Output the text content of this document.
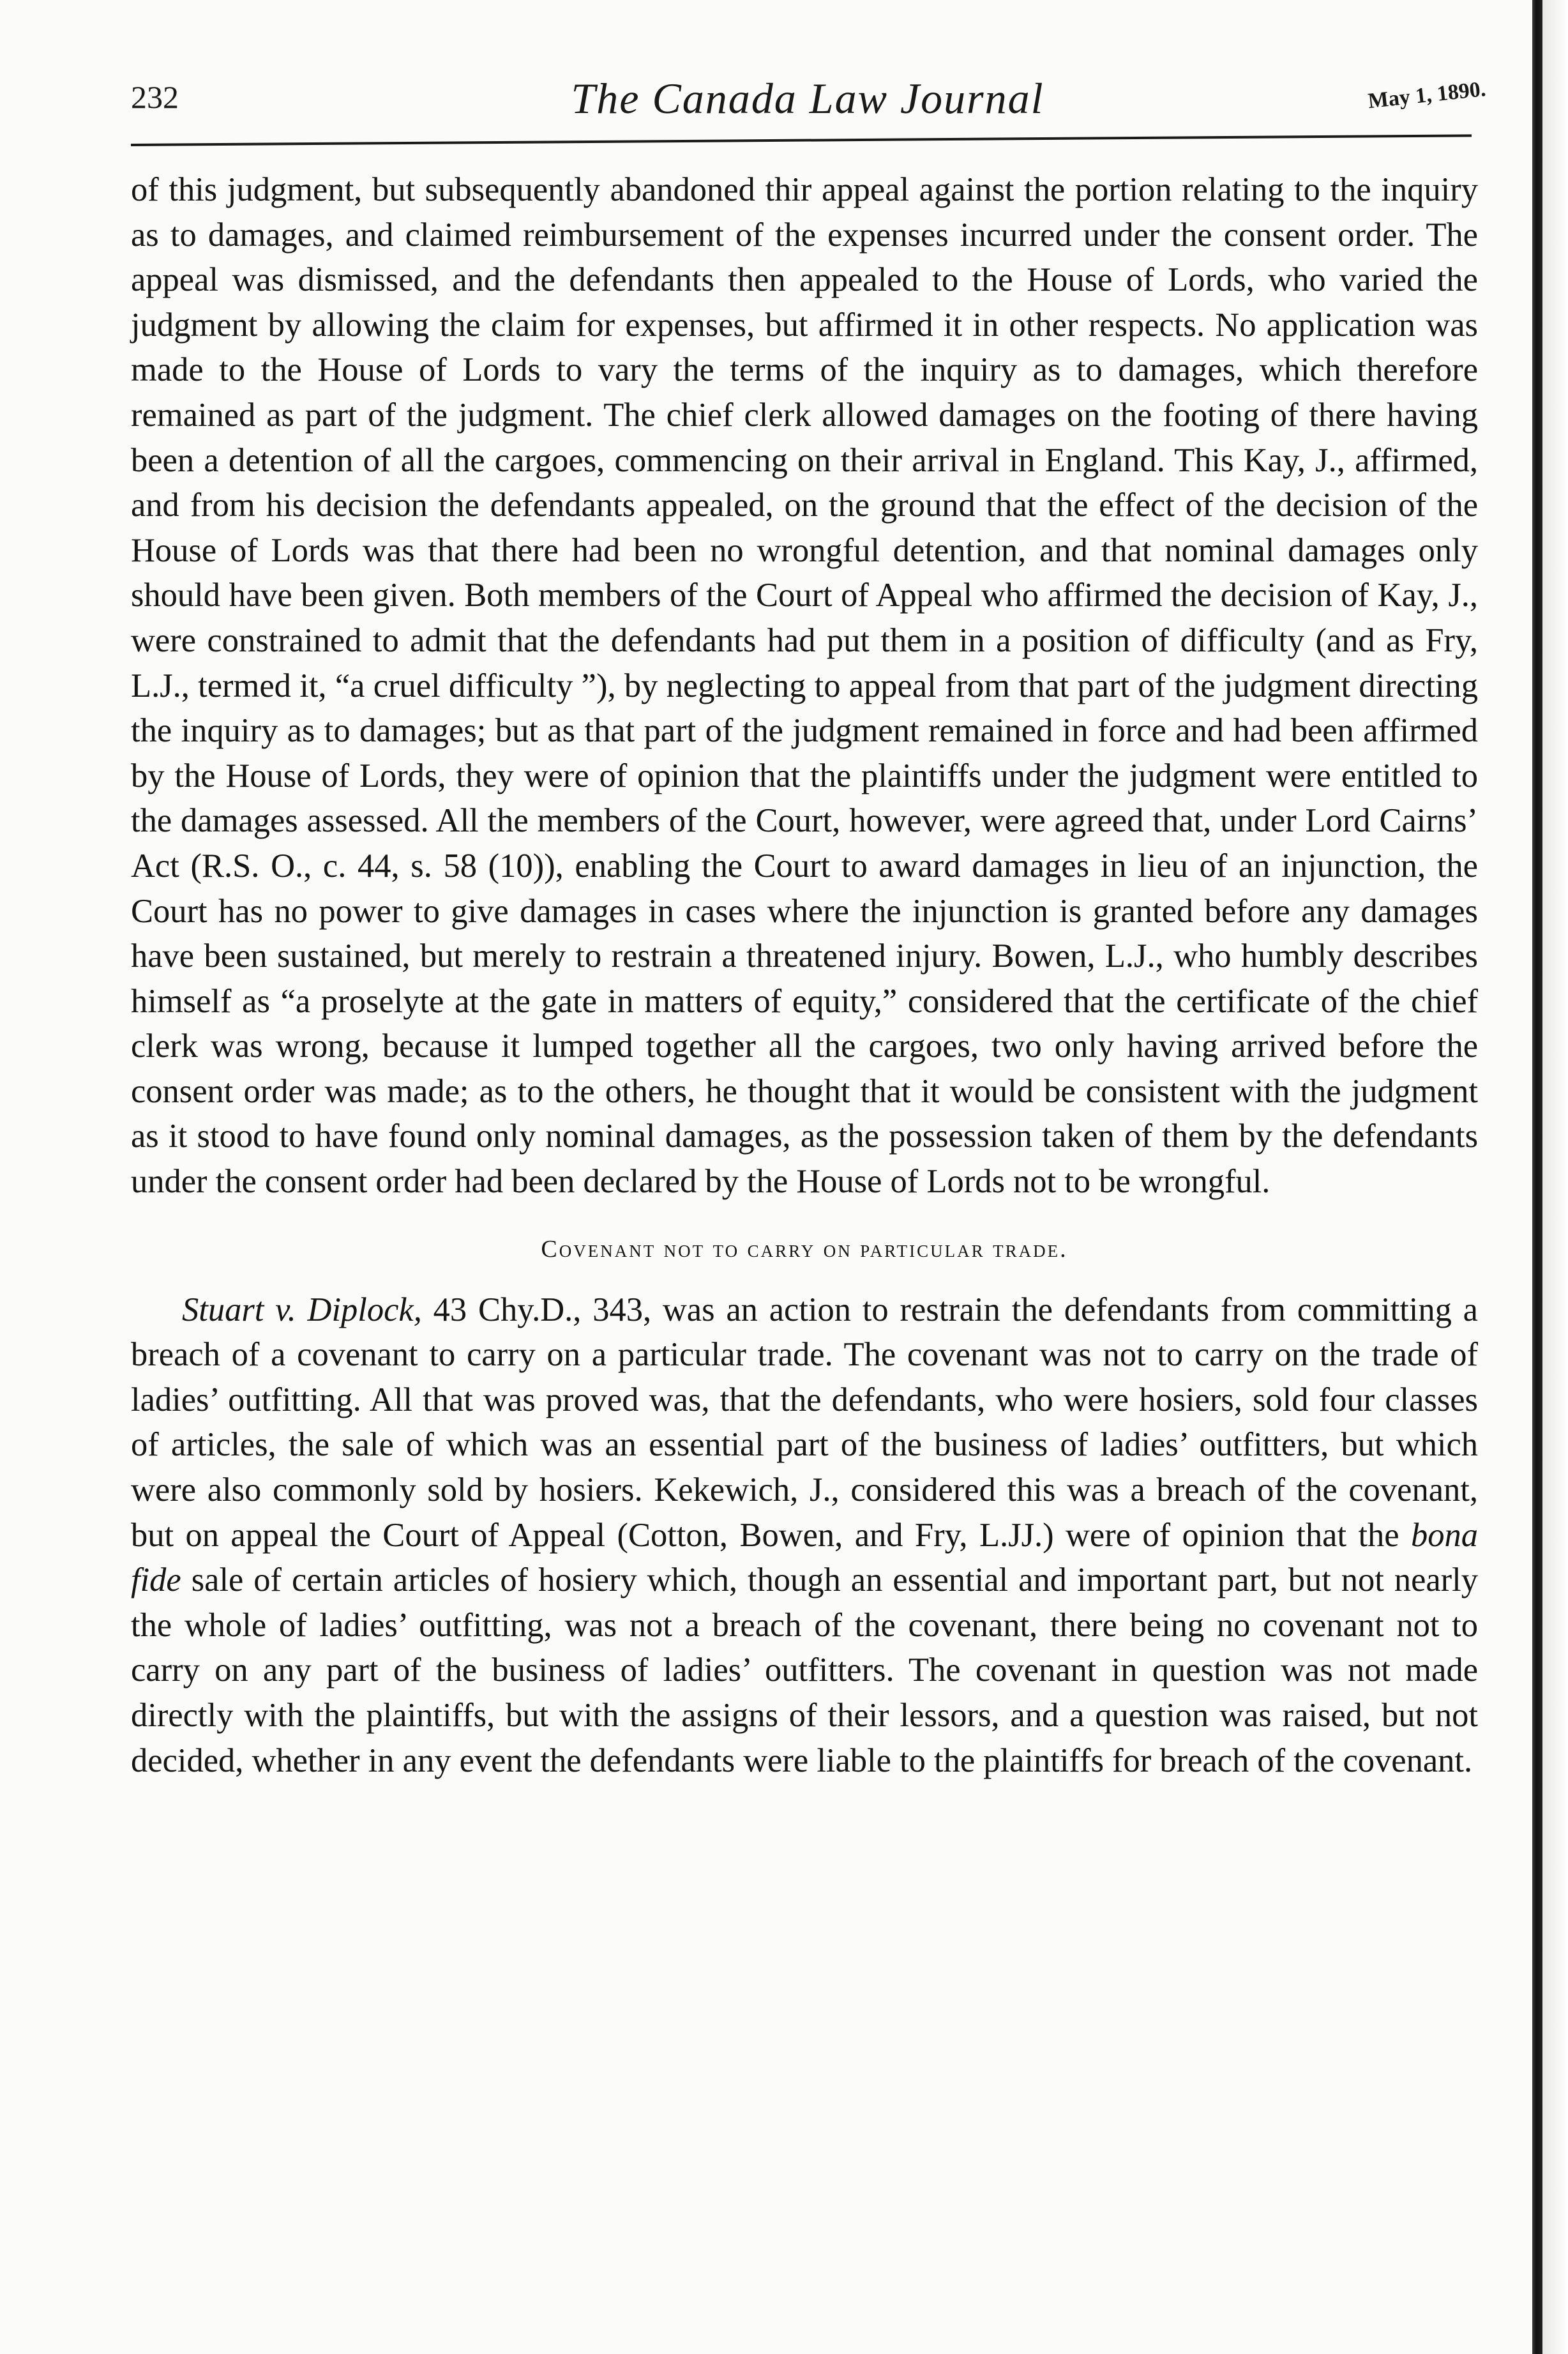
232	The Canada Law Journal	May 1, 1890.

of this judgment, but subsequently abandoned thir appeal against the portion relating to the inquiry as to damages, and claimed reimbursement of the expenses incurred under the consent order. The appeal was dismissed, and the defendants then appealed to the House of Lords, who varied the judgment by allowing the claim for expenses, but affirmed it in other respects. No application was made to the House of Lords to vary the terms of the inquiry as to damages, which therefore remained as part of the judgment. The chief clerk allowed damages on the footing of there having been a detention of all the cargoes, commencing on their arrival in England. This Kay, J., affirmed, and from his decision the defendants appealed, on the ground that the effect of the decision of the House of Lords was that there had been no wrongful detention, and that nominal damages only should have been given. Both members of the Court of Appeal who affirmed the decision of Kay, J., were constrained to admit that the defendants had put them in a position of difficulty (and as Fry, L.J., termed it, “a cruel difficulty ”), by neglecting to appeal from that part of the judgment directing the inquiry as to damages; but as that part of the judgment remained in force and had been affirmed by the House of Lords, they were of opinion that the plaintiffs under the judgment were entitled to the damages assessed. All the members of the Court, however, were agreed that, under Lord Cairns’ Act (R.S. O., c. 44, s. 58 (10)), enabling the Court to award damages in lieu of an injunction, the Court has no power to give damages in cases where the injunction is granted before any damages have been sustained, but merely to restrain a threatened injury. Bowen, L.J., who humbly describes himself as “a proselyte at the gate in matters of equity,” considered that the certificate of the chief clerk was wrong, because it lumped together all the cargoes, two only having arrived before the consent order was made; as to the others, he thought that it would be consistent with the judgment as it stood to have found only nominal damages, as the possession taken of them by the defendants under the consent order had been declared by the House of Lords not to be wrongful.

Covenant not to carry on particular trade.

Stuart v. Diplock, 43 Chy.D., 343, was an action to restrain the defendants from committing a breach of a covenant to carry on a particular trade. The covenant was not to carry on the trade of ladies’ outfitting. All that was proved was, that the defendants, who were hosiers, sold four classes of articles, the sale of which was an essential part of the business of ladies’ outfitters, but which were also commonly sold by hosiers. Kekewich, J., considered this was a breach of the covenant, but on appeal the Court of Appeal (Cotton, Bowen, and Fry, L.JJ.) were of opinion that the bona fide sale of certain articles of hosiery which, though an essential and important part, but not nearly the whole of ladies’ outfitting, was not a breach of the covenant, there being no covenant not to carry on any part of the business of ladies’ outfitters. The covenant in question was not made directly with the plaintiffs, but with the assigns of their lessors, and a question was raised, but not decided, whether in any event the defendants were liable to the plaintiffs for breach of the covenant.
